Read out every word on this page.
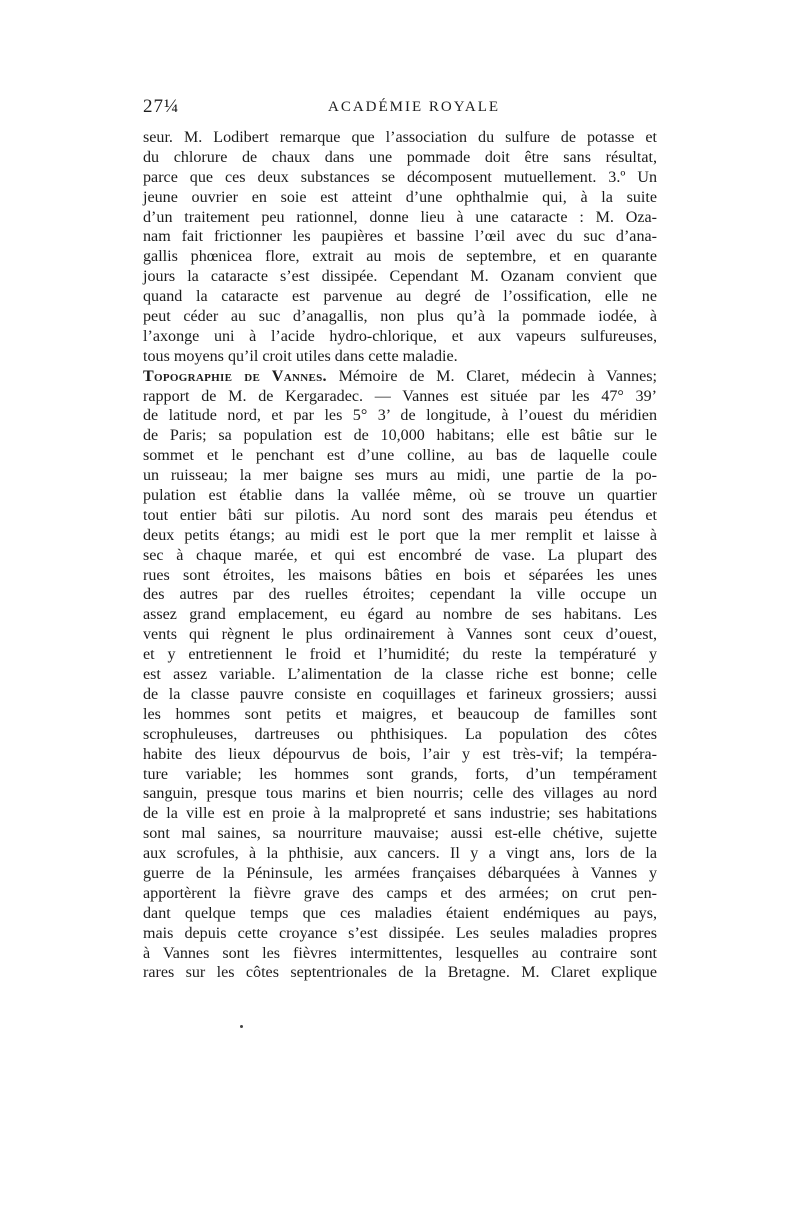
27¼	ACADÉMIE ROYALE
seur. M. Lodibert remarque que l’association du sulfure de potasse et
du chlorure de chaux dans une pommade doit être sans résultat,
parce que ces deux substances se décomposent mutuellement. 3.º Un
jeune ouvrier en soie est atteint d’une ophthalmie qui, à la suite
d’un traitement peu rationnel, donne lieu à une cataracte : M. Oza-
nam fait frictionner les paupières et bassine l’œil avec du suc d’ana-
gallis phœnicea flore, extrait au mois de septembre, et en quarante
jours la cataracte s’est dissipée. Cependant M. Ozanam convient que
quand la cataracte est parvenue au degré de l’ossification, elle ne
peut céder au suc d’anagallis, non plus qu’à la pommade iodée, à
l’axonge uni à l’acide hydro-chlorique, et aux vapeurs sulfureuses,
tous moyens qu’il croit utiles dans cette maladie.
Topographie de Vannes. Mémoire de M. Claret, médecin à Vannes;
rapport de M. de Kergaradec. — Vannes est située par les 47° 39’
de latitude nord, et par les 5° 3’ de longitude, à l’ouest du méridien
de Paris; sa population est de 10,000 habitans; elle est bâtie sur le
sommet et le penchant est d’une colline, au bas de laquelle coule
un ruisseau; la mer baigne ses murs au midi, une partie de la po-
pulation est établie dans la vallée même, où se trouve un quartier
tout entier bâti sur pilotis. Au nord sont des marais peu étendus et
deux petits étangs; au midi est le port que la mer remplit et laisse à
sec à chaque marée, et qui est encombré de vase. La plupart des
rues sont étroites, les maisons bâties en bois et séparées les unes
des autres par des ruelles étroites; cependant la ville occupe un
assez grand emplacement, eu égard au nombre de ses habitans. Les
vents qui règnent le plus ordinairement à Vannes sont ceux d’ouest,
et y entretiennent le froid et l’humidité; du reste la températuré y
est assez variable. L’alimentation de la classe riche est bonne; celle
de la classe pauvre consiste en coquillages et farineux grossiers; aussi
les hommes sont petits et maigres, et beaucoup de familles sont
scrophuleuses, dartreuses ou phthisiques. La population des côtes
habite des lieux dépourvus de bois, l’air y est très-vif; la tempéra-
ture variable; les hommes sont grands, forts, d’un tempérament
sanguin, presque tous marins et bien nourris; celle des villages au nord
de la ville est en proie à la malpropreté et sans industrie; ses habitations
sont mal saines, sa nourriture mauvaise; aussi est-elle chétive, sujette
aux scrofules, à la phthisie, aux cancers. Il y a vingt ans, lors de la
guerre de la Péninsule, les armées françaises débarquées à Vannes y
apportèrent la fièvre grave des camps et des armées; on crut pen-
dant quelque temps que ces maladies étaient endémiques au pays,
mais depuis cette croyance s’est dissipée. Les seules maladies propres
à Vannes sont les fièvres intermittentes, lesquelles au contraire sont
rares sur les côtes septentrionales de la Bretagne. M. Claret explique
